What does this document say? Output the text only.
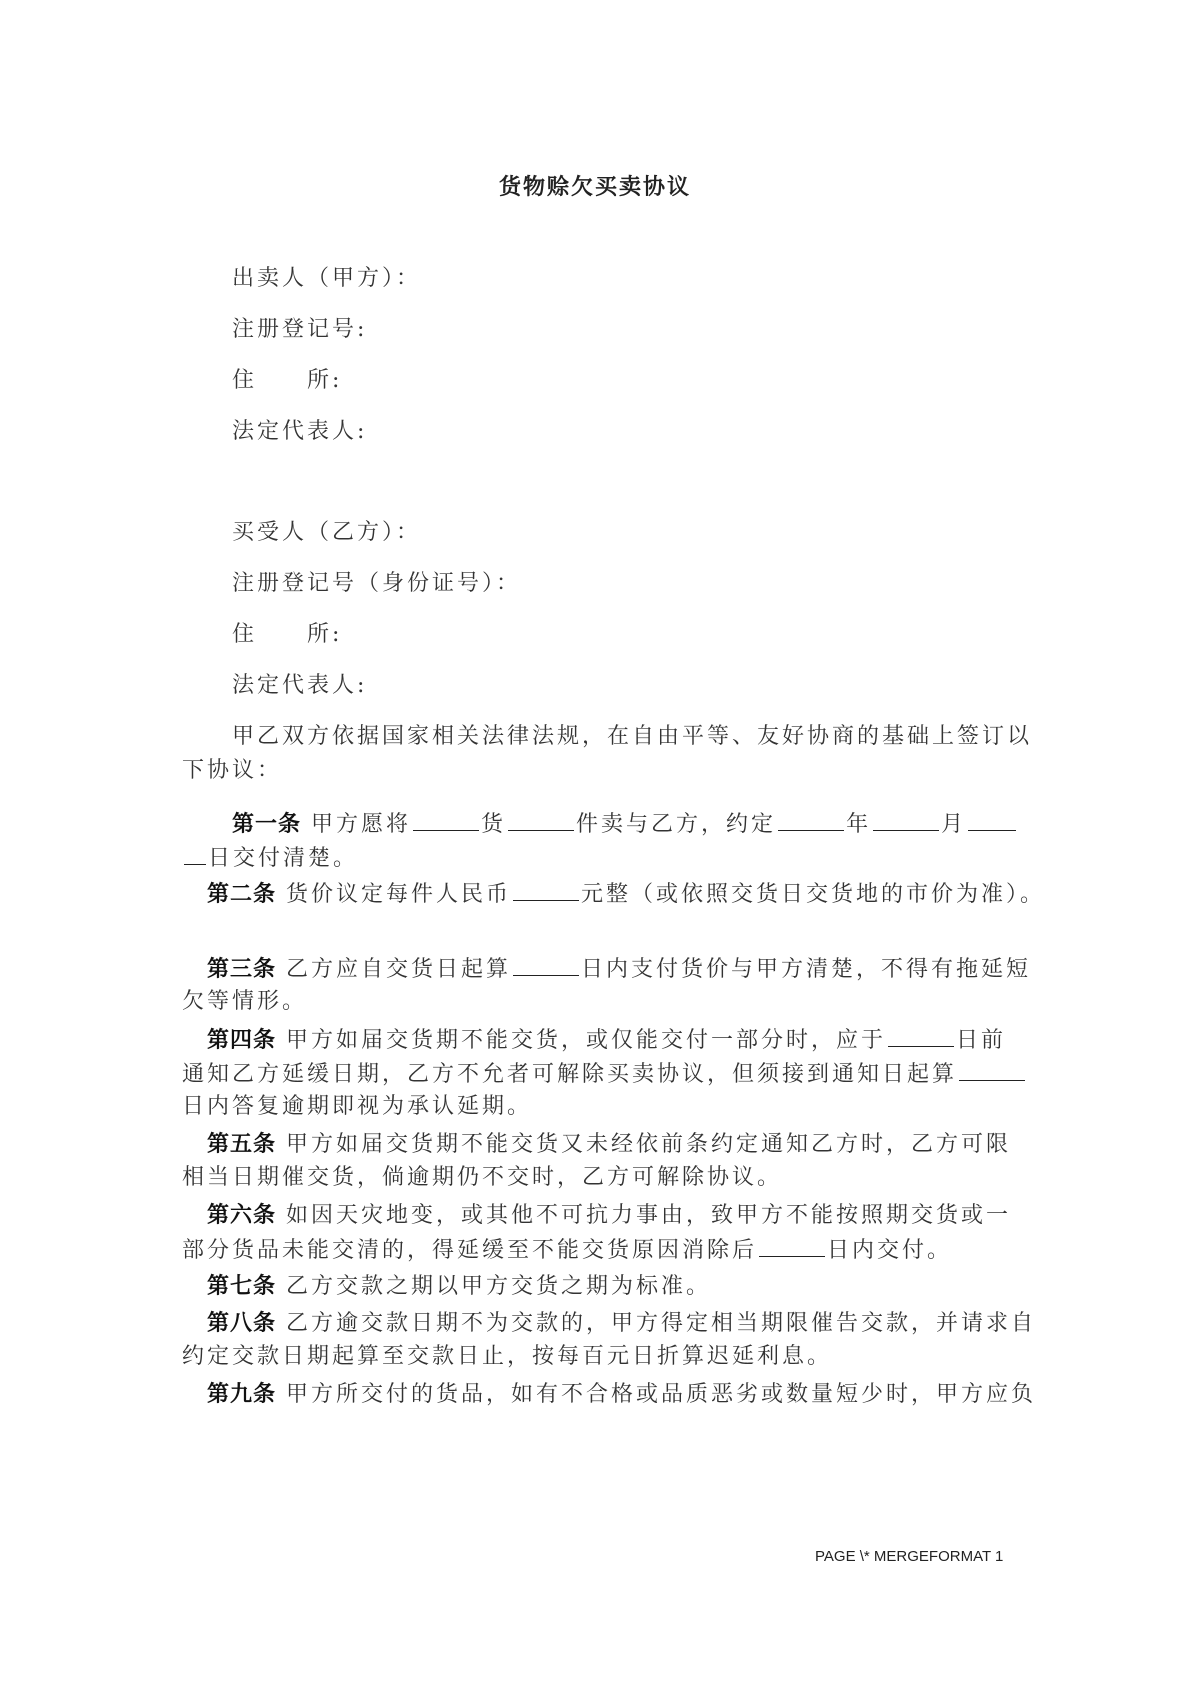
货物赊欠买卖协议
出卖人（甲方）：
注册登记号:
住　　所:
法定代表人:
买受人（乙方）：
注册登记号（身份证号）：
住　　所:
法定代表人:
甲乙双方依据国家相关法律法规，在自由平等、友好协商的基础上签订以
下协议：
第一条 甲方愿将	货	件卖与乙方，约定	年	月
日交付清楚。
第二条 货价议定每件人民币	元整（或依照交货日交货地的市价为准）。
第三条 乙方应自交货日起算	日内支付货价与甲方清楚，不得有拖延短
欠等情形。
第四条 甲方如届交货期不能交货，或仅能交付一部分时，应于	日前
通知乙方延缓日期，乙方不允者可解除买卖协议，但须接到通知日起算
日内答复逾期即视为承认延期。
第五条 甲方如届交货期不能交货又未经依前条约定通知乙方时，乙方可限
相当日期催交货，倘逾期仍不交时，乙方可解除协议。
第六条 如因天灾地变，或其他不可抗力事由，致甲方不能按照期交货或一
部分货品未能交清的，得延缓至不能交货原因消除后	日内交付。
第七条 乙方交款之期以甲方交货之期为标准。
第八条 乙方逾交款日期不为交款的，甲方得定相当期限催告交款，并请求自
约定交款日期起算至交款日止，按每百元日折算迟延利息。
第九条 甲方所交付的货品，如有不合格或品质恶劣或数量短少时，甲方应负
PAGE \* MERGEFORMAT 1
